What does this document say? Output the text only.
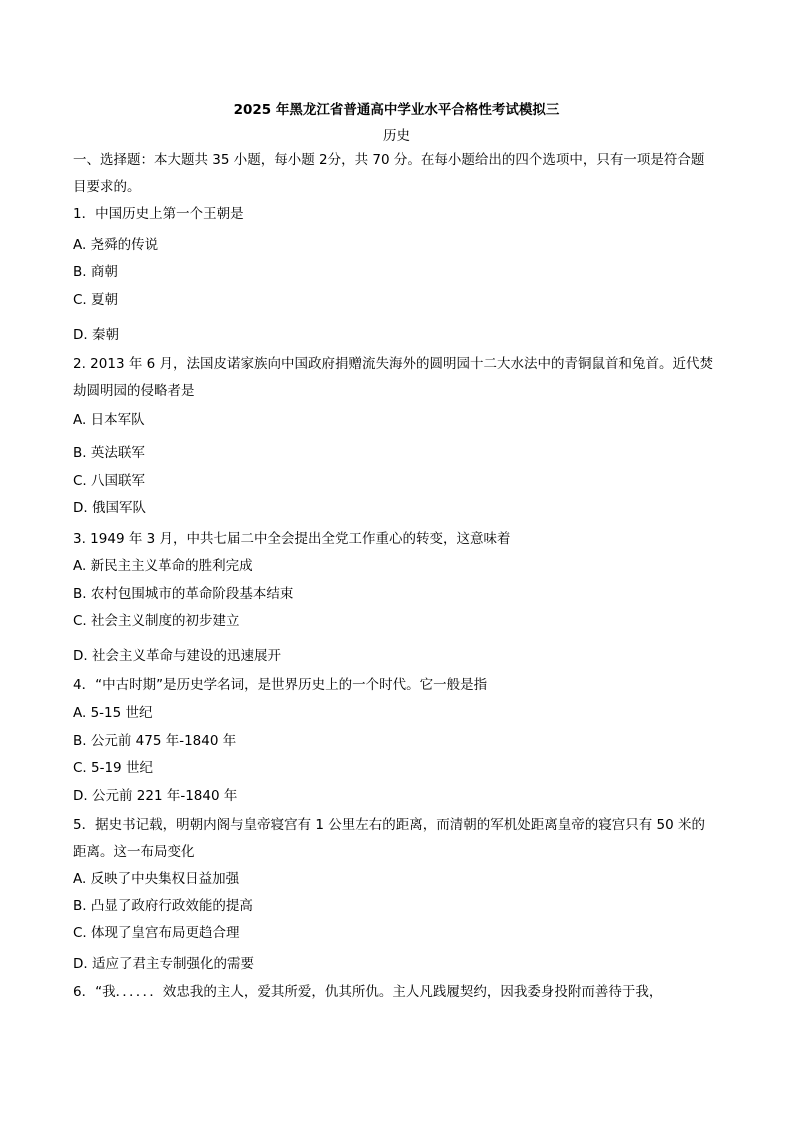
2025 年黑龙江省普通高中学业水平合格性考试模拟三
历史
一、选择题：本大题共 35 小题，每小题 2分，共 70 分。在每小题给出的四个选项中，只有一项是符合题
目要求的。
1．中国历史上第一个王朝是
A. 尧舜的传说
B. 商朝
C. 夏朝
D. 秦朝
2. 2013 年 6 月，法国皮诺家族向中国政府捐赠流失海外的圆明园十二大水法中的青铜鼠首和兔首。近代焚
劫圆明园的侵略者是
A. 日本军队
B. 英法联军
C. 八国联军
D. 俄国军队
3. 1949 年 3 月，中共七届二中全会提出全党工作重心的转变，这意味着
A. 新民主主义革命的胜利完成
B. 农村包围城市的革命阶段基本结束
C. 社会主义制度的初步建立
D. 社会主义革命与建设的迅速展开
4．“中古时期”是历史学名词，是世界历史上的一个时代。它一般是指
A. 5-15 世纪
B. 公元前 475 年-1840 年
C. 5-19 世纪
D. 公元前 221 年-1840 年
5．据史书记载，明朝内阁与皇帝寝宫有 1 公里左右的距离，而清朝的军机处距离皇帝的寝宫只有 50 米的
距离。这一布局变化
A. 反映了中央集权日益加强
B. 凸显了政府行政效能的提高
C. 体现了皇宫布局更趋合理
D. 适应了君主专制强化的需要
6．“我．．．．．．效忠我的主人，爱其所爱，仇其所仇。主人凡践履契约，因我委身投附而善待于我，
